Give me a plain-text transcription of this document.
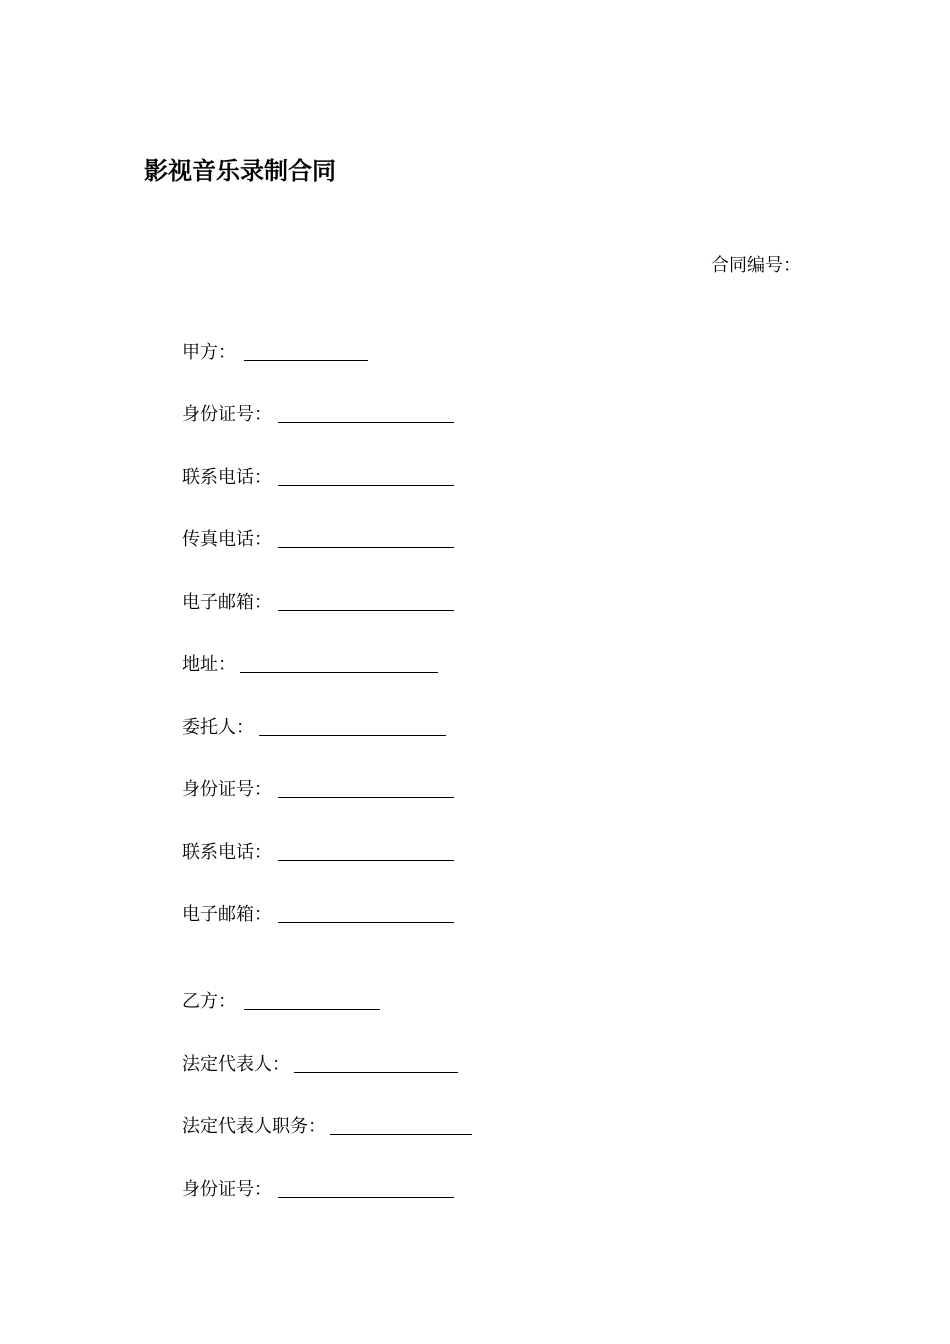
影视音乐录制合同
合同编号：
甲方：
身份证号：
联系电话：
传真电话：
电子邮箱：
地址：
委托人：
身份证号：
联系电话：
电子邮箱：
乙方：
法定代表人：
法定代表人职务：
身份证号：
